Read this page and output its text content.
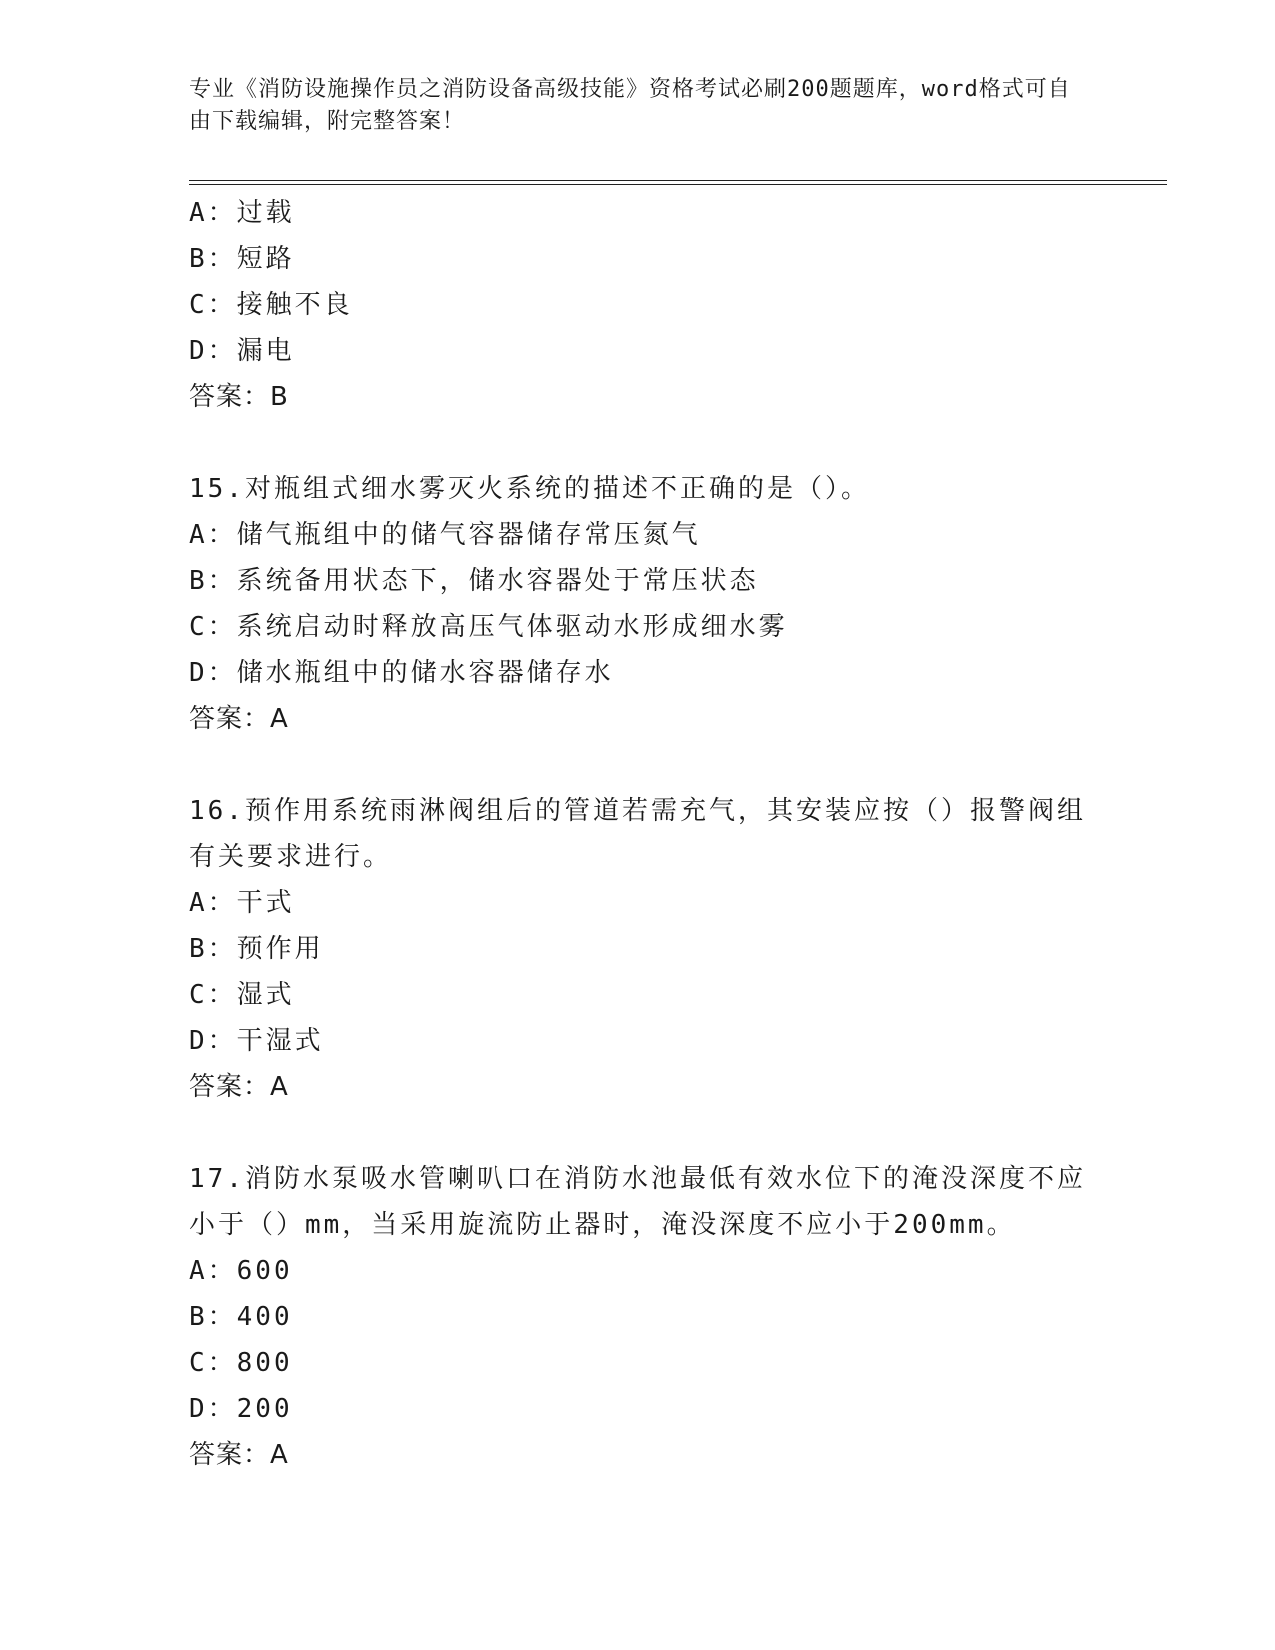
专业《消防设施操作员之消防设备高级技能》资格考试必刷200题题库，word格式可自由下载编辑，附完整答案！
A：过载
B：短路
C：接触不良
D：漏电
答案：B
15.对瓶组式细水雾灭火系统的描述不正确的是（）。
A：储气瓶组中的储气容器储存常压氮气
B：系统备用状态下，储水容器处于常压状态
C：系统启动时释放高压气体驱动水形成细水雾
D：储水瓶组中的储水容器储存水
答案：A
16.预作用系统雨淋阀组后的管道若需充气，其安装应按（）报警阀组有关要求进行。
A：干式
B：预作用
C：湿式
D：干湿式
答案：A
17.消防水泵吸水管喇叭口在消防水池最低有效水位下的淹没深度不应小于（）mm，当采用旋流防止器时，淹没深度不应小于200mm。
A：600
B：400
C：800
D：200
答案：A
